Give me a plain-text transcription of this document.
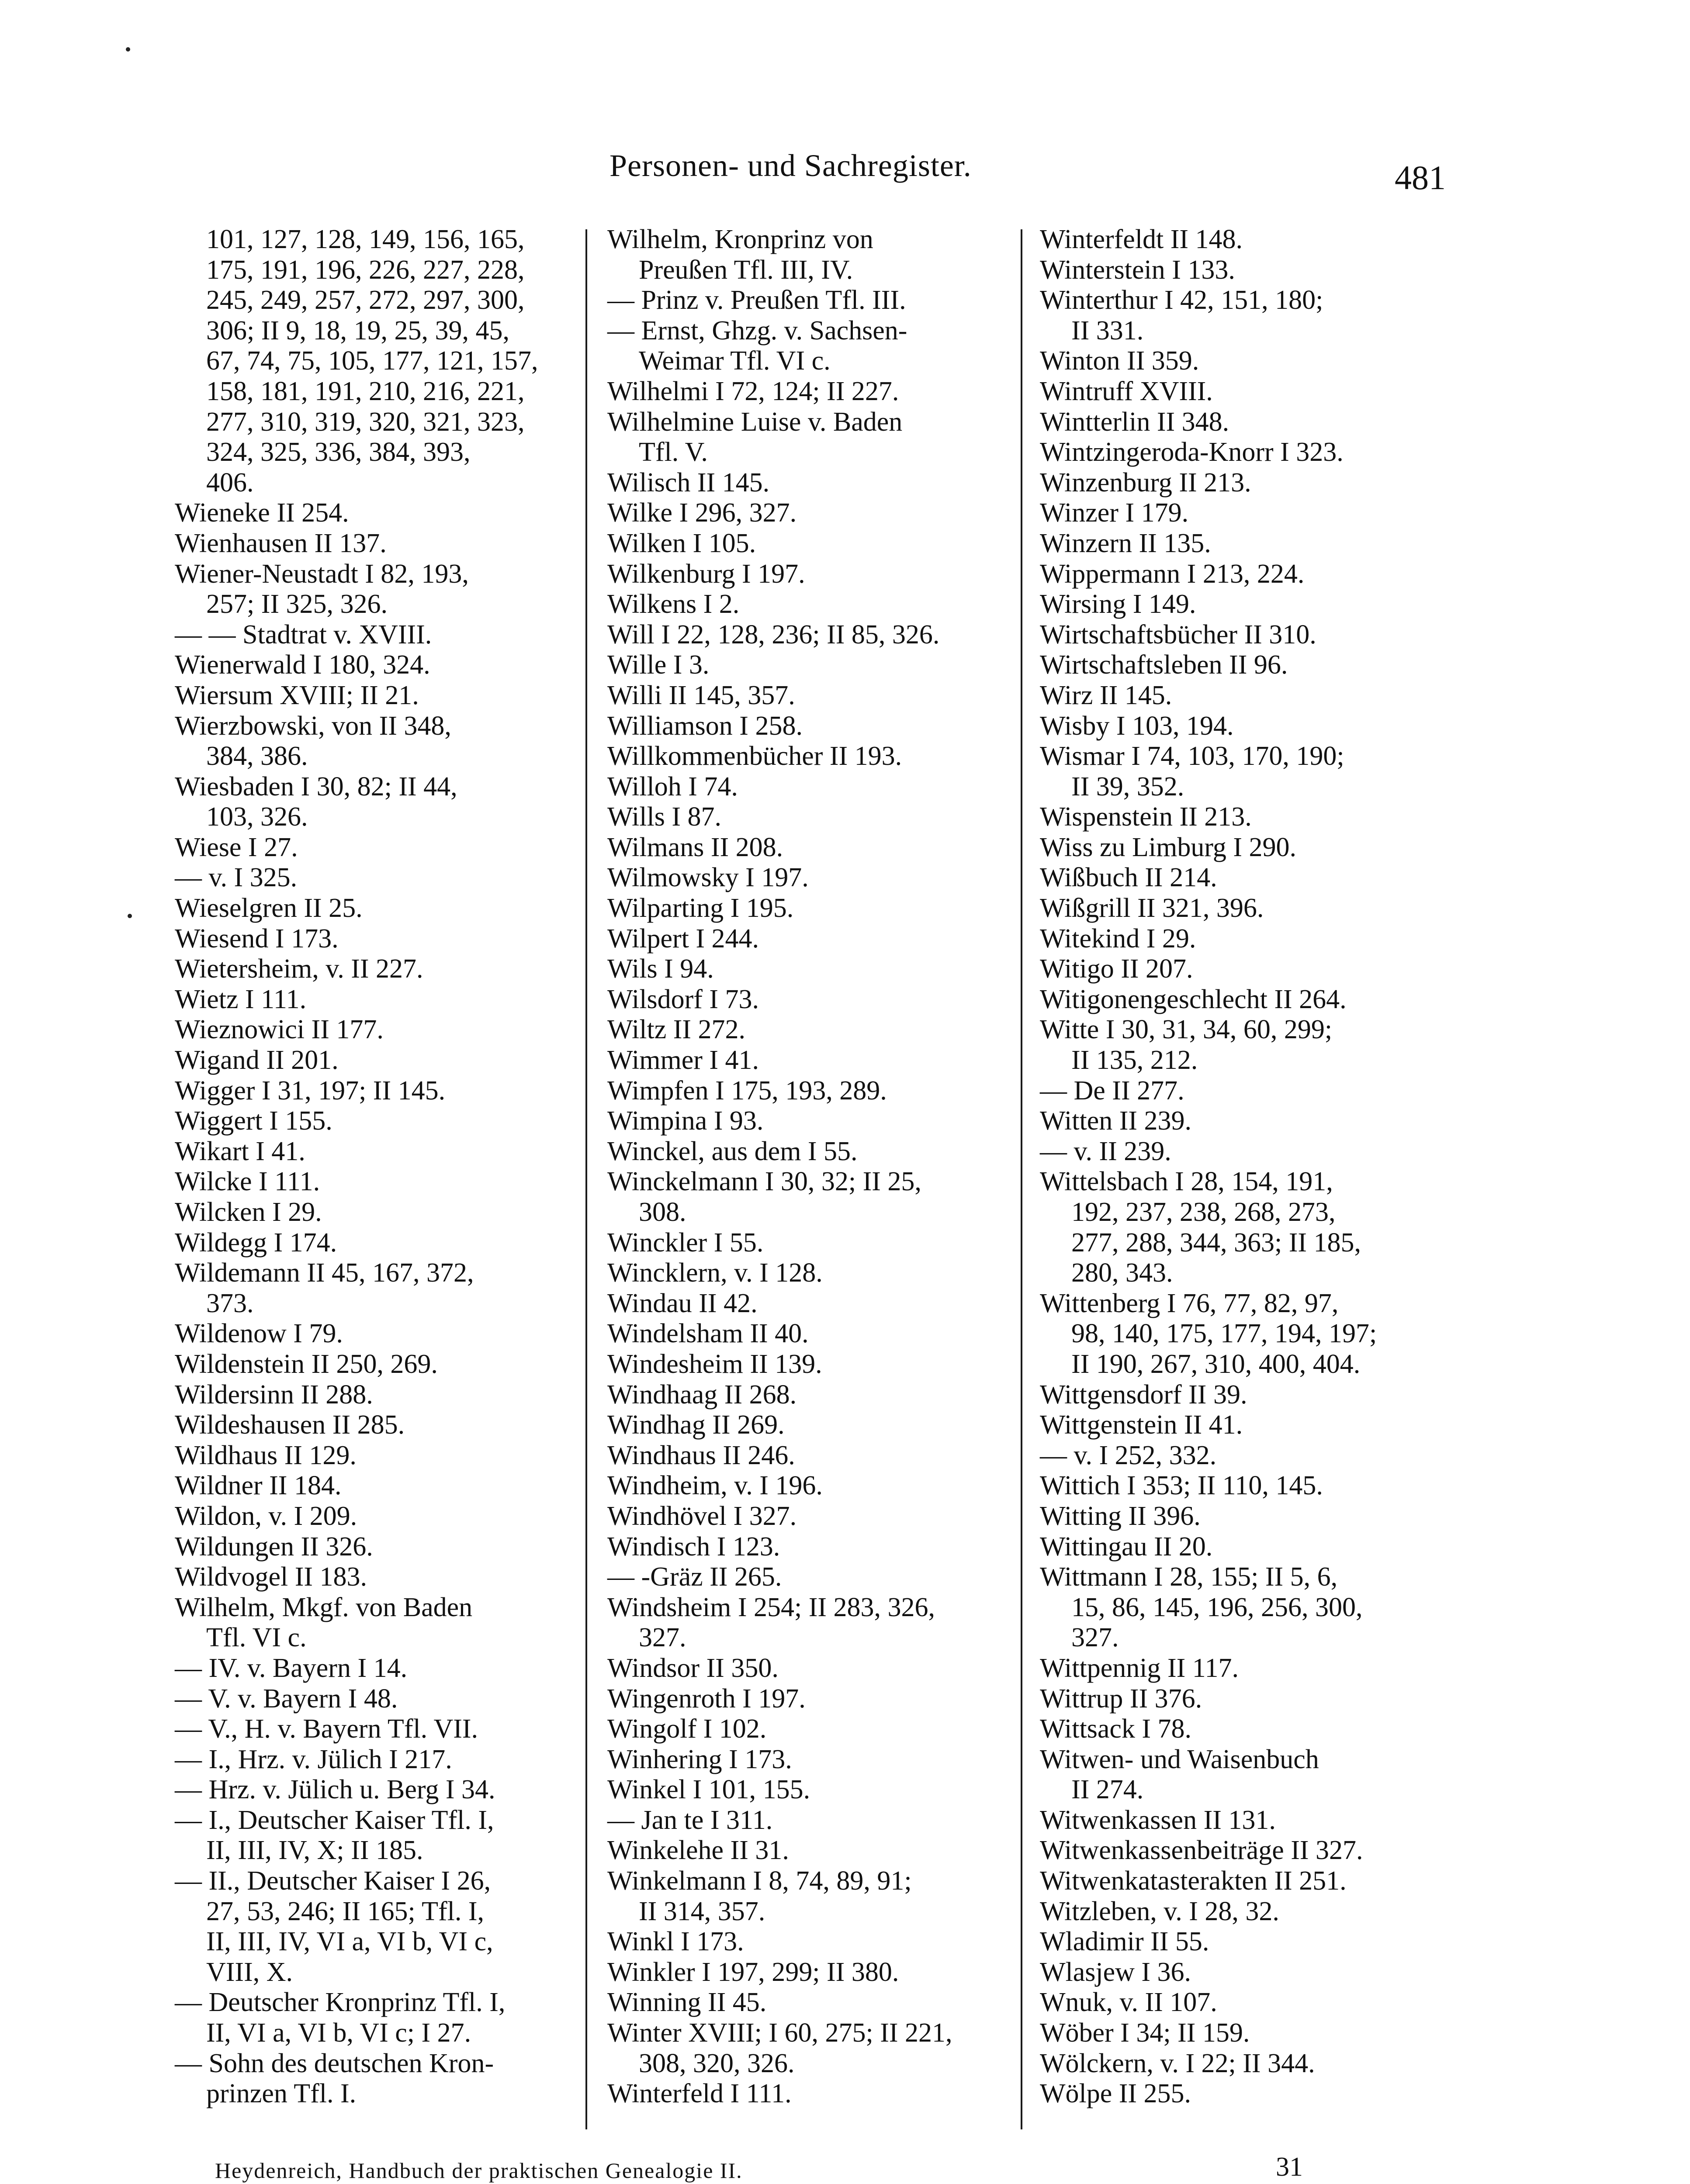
Personen- und Sachregister.	481
101, 127, 128, 149, 156, 165,
175, 191, 196, 226, 227, 228,
245, 249, 257, 272, 297, 300,
306; II 9, 18, 19, 25, 39, 45,
67, 74, 75, 105, 177, 121, 157,
158, 181, 191, 210, 216, 221,
277, 310, 319, 320, 321, 323,
324, 325, 336, 384, 393,
406.
Wieneke II 254.
Wienhausen II 137.
Wiener-Neustadt I 82, 193,
257; II 325, 326.
— — Stadtrat v. XVIII.
Wienerwald I 180, 324.
Wiersum XVIII; II 21.
Wierzbowski, von II 348,
384, 386.
Wiesbaden I 30, 82; II 44,
103, 326.
Wiese I 27.
— v. I 325.
Wieselgren II 25.
Wiesend I 173.
Wietersheim, v. II 227.
Wietz I 111.
Wieznowici II 177.
Wigand II 201.
Wigger I 31, 197; II 145.
Wiggert I 155.
Wikart I 41.
Wilcke I 111.
Wilcken I 29.
Wildegg I 174.
Wildemann II 45, 167, 372,
373.
Wildenow I 79.
Wildenstein II 250, 269.
Wildersinn II 288.
Wildeshausen II 285.
Wildhaus II 129.
Wildner II 184.
Wildon, v. I 209.
Wildungen II 326.
Wildvogel II 183.
Wilhelm, Mkgf. von Baden
Tfl. VI c.
— IV. v. Bayern I 14.
— V. v. Bayern I 48.
— V., H. v. Bayern Tfl. VII.
— I., Hrz. v. Jülich I 217.
— Hrz. v. Jülich u. Berg I 34.
— I., Deutscher Kaiser Tfl. I,
II, III, IV, X; II 185.
— II., Deutscher Kaiser I 26,
27, 53, 246; II 165; Tfl. I,
II, III, IV, VI a, VI b, VI c,
VIII, X.
— Deutscher Kronprinz Tfl. I,
II, VI a, VI b, VI c; I 27.
— Sohn des deutschen Kron-
prinzen Tfl. I.
Wilhelm, Kronprinz von
Preußen Tfl. III, IV.
— Prinz v. Preußen Tfl. III.
— Ernst, Ghzg. v. Sachsen-
Weimar Tfl. VI c.
Wilhelmi I 72, 124; II 227.
Wilhelmine Luise v. Baden
Tfl. V.
Wilisch II 145.
Wilke I 296, 327.
Wilken I 105.
Wilkenburg I 197.
Wilkens I 2.
Will I 22, 128, 236; II 85, 326.
Wille I 3.
Willi II 145, 357.
Williamson I 258.
Willkommenbücher II 193.
Willoh I 74.
Wills I 87.
Wilmans II 208.
Wilmowsky I 197.
Wilparting I 195.
Wilpert I 244.
Wils I 94.
Wilsdorf I 73.
Wiltz II 272.
Wimmer I 41.
Wimpfen I 175, 193, 289.
Wimpina I 93.
Winckel, aus dem I 55.
Winckelmann I 30, 32; II 25,
308.
Winckler I 55.
Wincklern, v. I 128.
Windau II 42.
Windelsham II 40.
Windesheim II 139.
Windhaag II 268.
Windhag II 269.
Windhaus II 246.
Windheim, v. I 196.
Windhövel I 327.
Windisch I 123.
— -Gräz II 265.
Windsheim I 254; II 283, 326,
327.
Windsor II 350.
Wingenroth I 197.
Wingolf I 102.
Winhering I 173.
Winkel I 101, 155.
— Jan te I 311.
Winkelehe II 31.
Winkelmann I 8, 74, 89, 91;
II 314, 357.
Winkl I 173.
Winkler I 197, 299; II 380.
Winning II 45.
Winter XVIII; I 60, 275; II 221,
308, 320, 326.
Winterfeld I 111.
Winterfeldt II 148.
Winterstein I 133.
Winterthur I 42, 151, 180;
II 331.
Winton II 359.
Wintruff XVIII.
Wintterlin II 348.
Wintzingeroda-Knorr I 323.
Winzenburg II 213.
Winzer I 179.
Winzern II 135.
Wippermann I 213, 224.
Wirsing I 149.
Wirtschaftsbücher II 310.
Wirtschaftsleben II 96.
Wirz II 145.
Wisby I 103, 194.
Wismar I 74, 103, 170, 190;
II 39, 352.
Wispenstein II 213.
Wiss zu Limburg I 290.
Wißbuch II 214.
Wißgrill II 321, 396.
Witekind I 29.
Witigo II 207.
Witigonengeschlecht II 264.
Witte I 30, 31, 34, 60, 299;
II 135, 212.
— De II 277.
Witten II 239.
— v. II 239.
Wittelsbach I 28, 154, 191,
192, 237, 238, 268, 273,
277, 288, 344, 363; II 185,
280, 343.
Wittenberg I 76, 77, 82, 97,
98, 140, 175, 177, 194, 197;
II 190, 267, 310, 400, 404.
Wittgensdorf II 39.
Wittgenstein II 41.
— v. I 252, 332.
Wittich I 353; II 110, 145.
Witting II 396.
Wittingau II 20.
Wittmann I 28, 155; II 5, 6,
15, 86, 145, 196, 256, 300,
327.
Wittpennig II 117.
Wittrup II 376.
Wittsack I 78.
Witwen- und Waisenbuch
II 274.
Witwenkassen II 131.
Witwenkassenbeiträge II 327.
Witwenkatasterakten II 251.
Witzleben, v. I 28, 32.
Wladimir II 55.
Wlasjew I 36.
Wnuk, v. II 107.
Wöber I 34; II 159.
Wölckern, v. I 22; II 344.
Wölpe II 255.
Heydenreich, Handbuch der praktischen Genealogie II.	31
